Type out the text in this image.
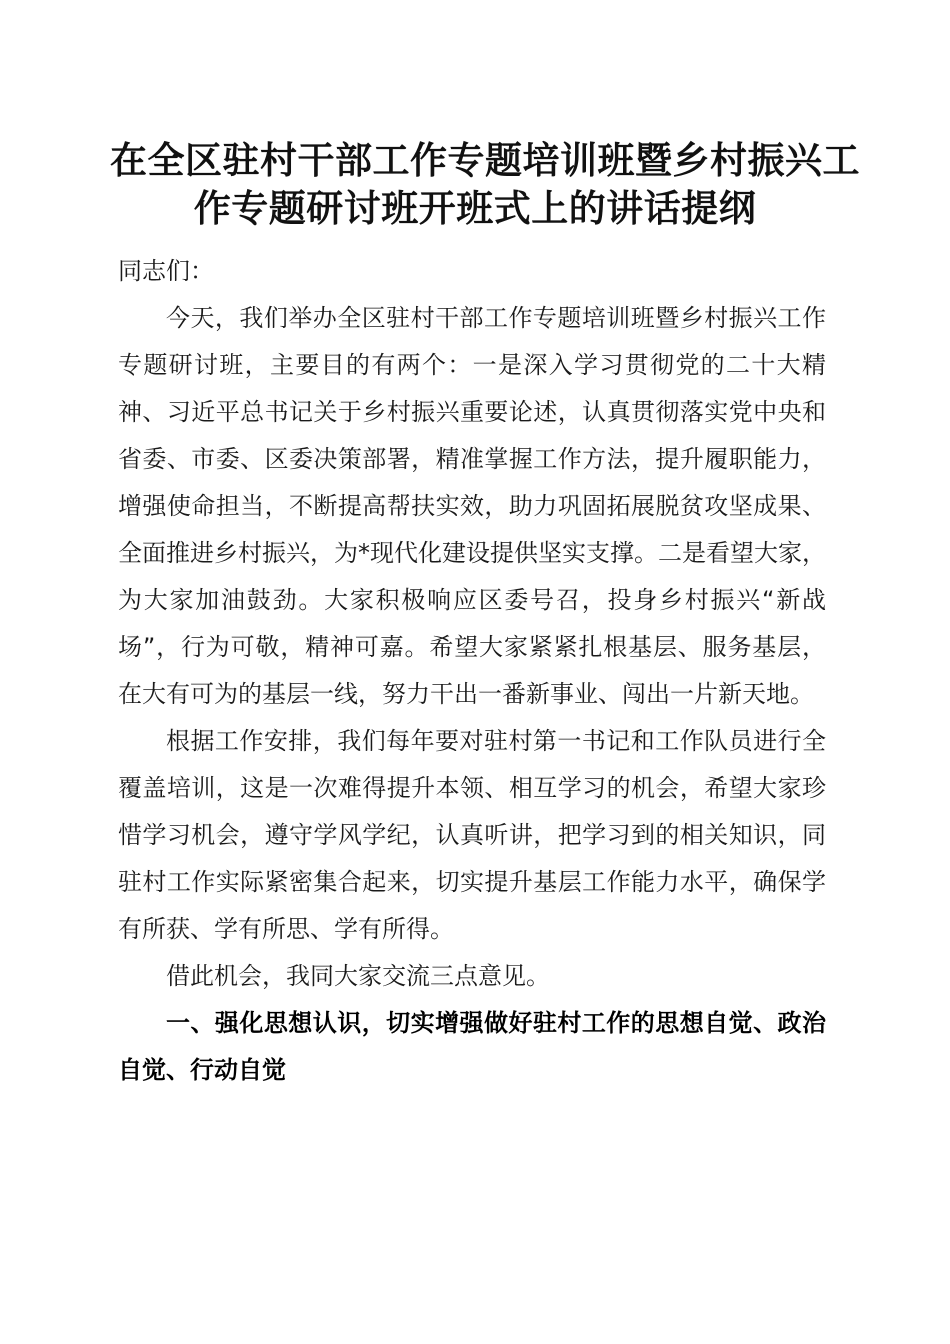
在全区驻村干部工作专题培训班暨乡村振兴工
作专题研讨班开班式上的讲话提纲

同志们：

今天，我们举办全区驻村干部工作专题培训班暨乡村振兴工作专题研讨班，主要目的有两个：一是深入学习贯彻党的二十大精神、习近平总书记关于乡村振兴重要论述，认真贯彻落实党中央和省委、市委、区委决策部署，精准掌握工作方法，提升履职能力，增强使命担当，不断提高帮扶实效，助力巩固拓展脱贫攻坚成果、全面推进乡村振兴，为*现代化建设提供坚实支撑。二是看望大家，为大家加油鼓劲。大家积极响应区委号召，投身乡村振兴“新战场”，行为可敬，精神可嘉。希望大家紧紧扎根基层、服务基层，在大有可为的基层一线，努力干出一番新事业、闯出一片新天地。

根据工作安排，我们每年要对驻村第一书记和工作队员进行全覆盖培训，这是一次难得提升本领、相互学习的机会，希望大家珍惜学习机会，遵守学风学纪，认真听讲，把学习到的相关知识，同驻村工作实际紧密集合起来，切实提升基层工作能力水平，确保学有所获、学有所思、学有所得。

借此机会，我同大家交流三点意见。

一、强化思想认识，切实增强做好驻村工作的思想自觉、政治自觉、行动自觉
